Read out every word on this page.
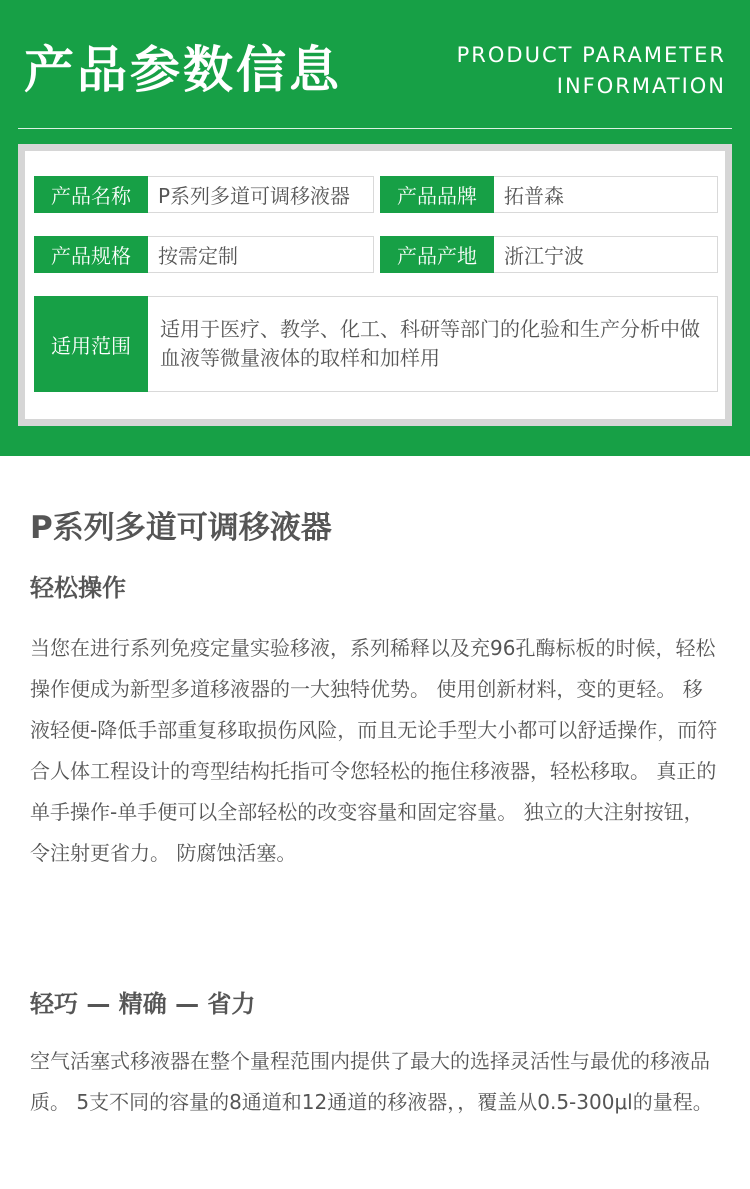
产品参数信息	PRODUCT PARAMETER
INFORMATION
产品名称	P系列多道可调移液器	产品品牌	拓普森
产品规格	按需定制	产品产地	浙江宁波
适用范围
适用于医疗、教学、化工、科研等部门的化验和生产分析中做血液等微量液体的取样和加样用
P系列多道可调移液器
轻松操作
当您在进行系列免疫定量实验移液，系列稀释以及充96孔酶标板的时候，轻松操作便成为新型多道移液器的一大独特优势。 使用创新材料，变的更轻。 移液轻便-降低手部重复移取损伤风险，而且无论手型大小都可以舒适操作，而符合人体工程设计的弯型结构托指可令您轻松的拖住移液器，轻松移取。 真正的单手操作-单手便可以全部轻松的改变容量和固定容量。 独立的大注射按钮，令注射更省力。 防腐蚀活塞。
轻巧 — 精确 — 省力
空气活塞式移液器在整个量程范围内提供了最大的选择灵活性与最优的移液品质。 5支不同的容量的8通道和12通道的移液器，，覆盖从0.5-300μl的量程。
